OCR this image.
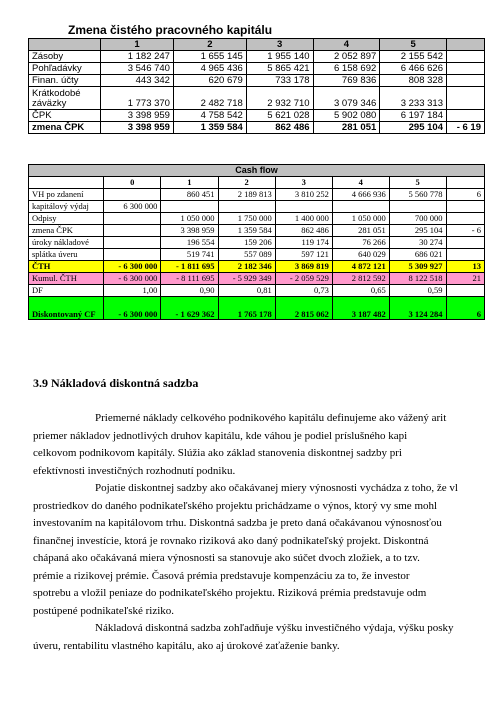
Zmena čistého pracovného kapitálu
	1	2	3	4	5	
Zásoby	1 182 247	1 655 145	1 955 140	2 052 897	2 155 542	
Pohľadávky	3 546 740	4 965 436	5 865 421	6 158 692	6 466 626	
Finan. účty	443 342	620 679	733 178	769 836	808 328	
Krátkodobé záväzky	1 773 370	2 482 718	2 932 710	3 079 346	3 233 313	
ČPK	3 398 959	4 758 542	5 621 028	5 902 080	6 197 184	
zmena ČPK	3 398 959	1 359 584	862 486	281 051	295 104	- 6 19
Cash flow							
	0	1	2	3	4	5	
VH po zdanení		860 451	2 189 813	3 810 252	4 666 936	5 560 778	6
kapitálový výdaj	6 300 000						
Odpisy		1 050 000	1 750 000	1 400 000	1 050 000	700 000	
zmena ČPK		3 398 959	1 359 584	862 486	281 051	295 104	- 6
úroky nákladové		196 554	159 206	119 174	76 266	30 274	
splátka úveru		519 741	557 089	597 121	640 029	686 021	
ČTH	- 6 300 000	- 1 811 695	2 182 346	3 869 819	4 872 121	5 309 927	13
Kumul. ČTH	- 6 300 000	- 8 111 695	- 5 929 349	- 2 059 529	2 812 592	8 122 518	21
DF	1,00	0,90	0,81	0,73	0,65	0,59	
Diskontovaný CF	- 6 300 000	- 1 629 362	1 765 178	2 815 062	3 187 482	3 124 284	6
3.9 Nákladová diskontná sadzba

Priemerné náklady celkového podnikového kapitálu definujeme ako vážený arit
priemer nákladov jednotlivých druhov kapitálu, kde váhou je podiel príslušného kapi
celkovom podnikovom kapitály. Slúžia ako základ stanovenia diskontnej sadzby pri
efektívnosti investičných rozhodnutí podniku.

Pojatie diskontnej sadzby ako očakávanej miery výnosnosti vychádza z toho, že vl
prostriedkov do daného podnikateľského projektu prichádzame o výnos, ktorý vy sme mohl
investovaním na kapitálovom trhu. Diskontná sadzba je preto daná očakávanou výnosnosťou
finančnej investície, ktorá je rovnako riziková ako daný podnikateľský projekt. Diskontná
chápaná ako očakávaná miera výnosnosti sa stanovuje ako súčet dvoch zložiek, a to tzv.
prémie a rizikovej prémie. Časová prémia predstavuje kompenzáciu za to, že investor
spotrebu a vložil peniaze do podnikateľského projektu. Riziková prémia predstavuje odm
postúpené podnikateľské riziko.

Nákladová diskontná sadzba zohľadňuje výšku investičného výdaja, výšku posky
úveru, rentabilitu vlastného kapitálu, ako aj úrokové zaťaženie banky.
